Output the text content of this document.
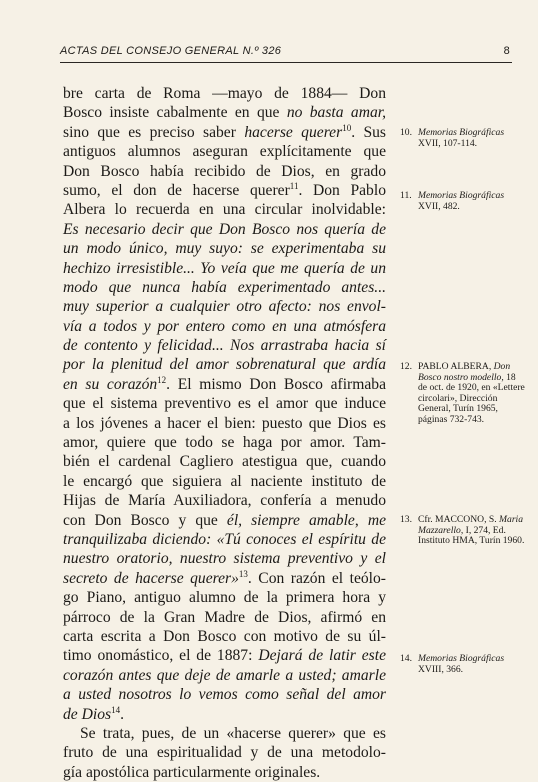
ACTAS DEL CONSEJO GENERAL N.º 326	8
bre carta de Roma —mayo de 1884— Don
Bosco insiste cabalmente en que no basta amar,
sino que es preciso saber hacerse querer$^{10}$. Sus
antiguos alumnos aseguran explícitamente que
Don Bosco había recibido de Dios, en grado
sumo, el don de hacerse querer$^{11}$. Don Pablo
Albera lo recuerda en una circular inolvidable:
Es necesario decir que Don Bosco nos quería de
un modo único, muy suyo: se experimentaba su
hechizo irresistible... Yo veía que me quería de un
modo que nunca había experimentado antes...
muy superior a cualquier otro afecto: nos envol-
vía a todos y por entero como en una atmósfera
de contento y felicidad... Nos arrastraba hacia sí
por la plenitud del amor sobrenatural que ardía
en su corazón$^{12}$. El mismo Don Bosco afirmaba
que el sistema preventivo es el amor que induce
a los jóvenes a hacer el bien: puesto que Dios es
amor, quiere que todo se haga por amor. Tam-
bién el cardenal Cagliero atestigua que, cuando
le encargó que siguiera al naciente instituto de
Hijas de María Auxiliadora, confería a menudo
con Don Bosco y que él, siempre amable, me
tranquilizaba diciendo: «Tú conoces el espíritu de
nuestro oratorio, nuestro sistema preventivo y el
secreto de hacerse querer»$^{13}$. Con razón el teólo-
go Piano, antiguo alumno de la primera hora y
párroco de la Gran Madre de Dios, afirmó en
carta escrita a Don Bosco con motivo de su úl-
timo onomástico, el de 1887: Dejará de latir este
corazón antes que deje de amarle a usted; amarle
a usted nosotros lo vemos como señal del amor
de Dios$^{14}$.
Se trata, pues, de un «hacerse querer» que es
fruto de una espiritualidad y de una metodolo-
gía apostólica particularmente originales.
10. Memorias Biográficas XVII, 107-114.
11. Memorias Biográficas XVII, 482.
12. PABLO ALBERA, Don Bosco nostro modello, 18 de oct. de 1920, en «Lettere circolari», Dirección General, Turín 1965, páginas 732-743.
13. Cfr. MACCONO, S. Maria Mazzarello, I, 274, Ed. Instituto HMA, Turín 1960.
14. Memorias Biográficas XVIII, 366.
